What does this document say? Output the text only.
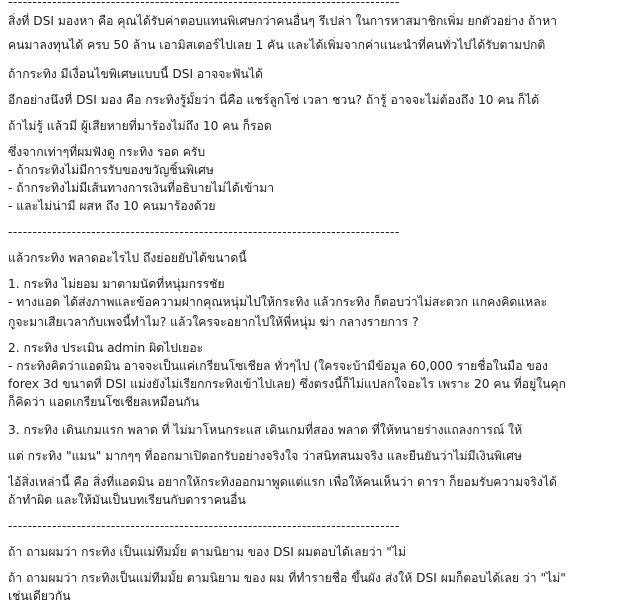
--------------------------------------------------------------------------------
สิ่งที่ DSI มองหา คือ คุณได้รับค่าตอบแทนพิเศษกว่าคนอื่นๆ รึเปล่า ในการหาสมาชิกเพิ่ม ยกตัวอย่าง ถ้าหา
คนมาลงทุนได้ ครบ 50 ล้าน เอามิสเตอร์ไปเลย 1 คัน และได้เพิ่มจากค่าแนะนำที่คนทั่วไปได้รับตามปกติ
ถ้ากระทิง มีเงื่อนไขพิเศษแบบนี้ DSI อาจจะฟันได้
อีกอย่างนึงที่ DSI มอง คือ กระทิงรู้มั้ยว่า นี่คือ แชร์ลูกโซ่ เวลา ชวน? ถ้ารู้ อาจจะไม่ต้องถึง 10 คน ก็ได้
ถ้าไม่รู้ แล้วมี ผู้เสียหายที่มาร้องไม่ถึง 10 คน ก็รอด
ซึ่งจากเท่าๆที่ผมฟังดู กระทิง รอด ครับ
- ถ้ากระทิงไม่มีการรับของขวัญชิ้นพิเศษ
- ถ้ากระทิงไม่มีเส้นทางการเงินที่อธิบายไม่ได้เข้ามา
- และไม่น่ามี ผสห ถึง 10 คนมาร้องด้วย
--------------------------------------------------------------------------------
แล้วกระทิง พลาดอะไรไป ถึงย่อยยับได้ขนาดนี้
1. กระทิง ไม่ยอม มาตามนัดที่หนุ่มกรรชัย
- ทางแอด ได้ส่งภาพและข้อความฝากคุณหนุ่มไปให้กระทิง แล้วกระทิง ก็ตอบว่าไม่สะดวก แกคงคิดแหละ
กูจะมาเสียเวลากับเพจนี้ทำไม? แล้วใครจะอยากไปให้พี่หนุ่ม ฆ่า กลางรายการ ?
2. กระทิง ประเมิน admin ผิดไปเยอะ
- กระทิงคิดว่าแอดมิน อาจจะเป็นแค่เกรียนโซเชียล ทั่วๆไป (ใครจะบ้ามีข้อมูล 60,000 รายชื่อในมือ ของ
forex 3d ขนาดที่ DSI แม่งยังไม่เรียกกระทิงเข้าไปเลย) ซึ่งตรงนี้ก็ไม่แปลกใจอะไร เพราะ 20 คน ที่อยู่ในคุก
ก็คิดว่า แอดเกรียนโซเชียลเหมือนกัน
3. กระทิง เดินเกมแรก พลาด ที่ ไม่มาโหนกระแส เดินเกมที่สอง พลาด ที่ให้ทนายร่างแถลงการณ์ ให้
แต่ กระทิง "แมน" มากๆๆ ที่ออกมาเปิดอกรับอย่างจริงใจ ว่าสนิทสนมจริง และยืนยันว่าไม่มีเงินพิเศษ
ไอ้สิ่งเหล่านี้ คือ สิ่งที่แอดมิน อยากให้กระทิงออกมาพูดแต่แรก เพื่อให้คนเห็นว่า ดารา ก็ยอมรับความจริงได้
ถ้าทำผิด และให้มันเป็นบทเรียนกับดาราคนอื่น
--------------------------------------------------------------------------------
ถ้า ถามผมว่า กระทิง เป็นแม่ทีมมั้ย ตามนิยาม ของ DSI ผมตอบได้เลยว่า "ไม่
ถ้า ถามผมว่า กระทิงเป็นแม่ทีมมั้ย ตามนิยาม ของ ผม ที่ทำรายชื่อ ขึ้นผัง ส่งให้ DSI ผมก็ตอบได้เลย ว่า "ไม่"
เช่นเดียวกัน
